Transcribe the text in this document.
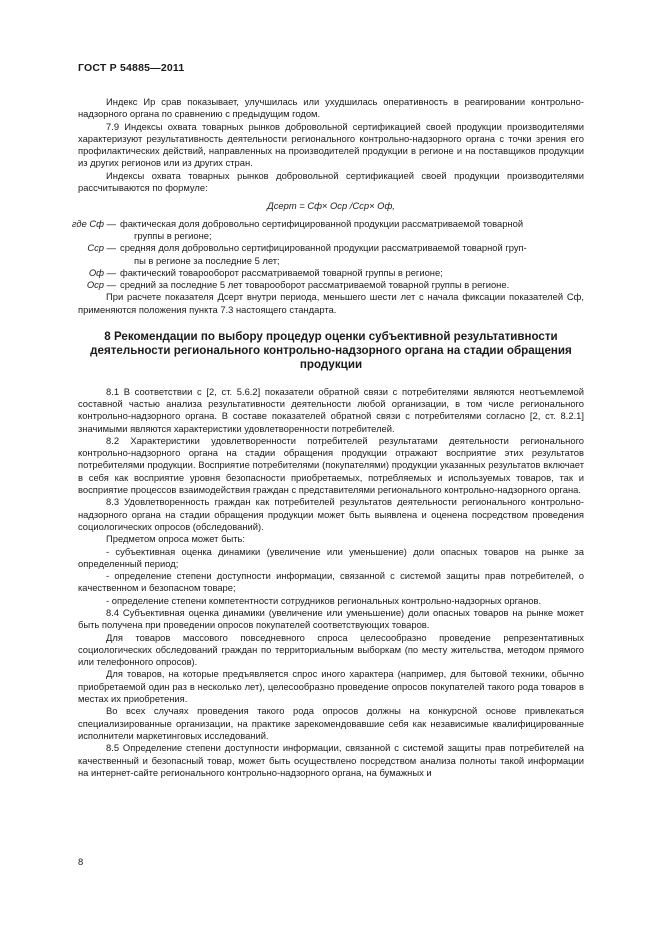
ГОСТ Р 54885—2011

Индекс Ир срав показывает, улучшилась или ухудшилась оперативность в реагировании контрольно-надзорного органа по сравнению с предыдущим годом.

7.9 Индексы охвата товарных рынков добровольной сертификацией своей продукции производителями характеризуют результативность деятельности регионального контрольно-надзорного органа с точки зрения его профилактических действий, направленных на производителей продукции в регионе и на поставщиков продукции из других регионов или из других стран.

Индексы охвата товарных рынков добровольной сертификацией своей продукции производителями рассчитываются по формуле:

Дсерт = Сф× Оср /Сср× Оф,
где Сф — фактическая доля добровольно сертифицированной продукции рассматриваемой товарной
группы в регионе;
Сср — средняя доля добровольно сертифицированной продукции рассматриваемой товарной груп-
пы в регионе за последние 5 лет;
Оф — фактический товарооборот рассматриваемой товарной группы в регионе;
Оср — средний за последние 5 лет товарооборот рассматриваемой товарной группы в регионе.

При расчете показателя Дсерт внутри периода, меньшего шести лет с начала фиксации показателей Сф, применяются положения пункта 7.3 настоящего стандарта.

8 Рекомендации по выбору процедур оценки субъективной результативности деятельности регионального контрольно-надзорного органа на стадии обращения продукции

8.1 В соответствии с [2, ст. 5.6.2] показатели обратной связи с потребителями являются неотъемлемой составной частью анализа результативности деятельности любой организации, в том числе регионального контрольно-надзорного органа. В составе показателей обратной связи с потребителями согласно [2, ст. 8.2.1] значимыми являются характеристики удовлетворенности потребителей.

8.2 Характеристики удовлетворенности потребителей результатами деятельности регионального контрольно-надзорного органа на стадии обращения продукции отражают восприятие этих результатов потребителями продукции. Восприятие потребителями (покупателями) продукции указанных результатов включает в себя как восприятие уровня безопасности приобретаемых, потребляемых и используемых товаров, так и восприятие процессов взаимодействия граждан с представителями регионального контрольно-надзорного органа.

8.3 Удовлетворенность граждан как потребителей результатов деятельности регионального контрольно-надзорного органа на стадии обращения продукции может быть выявлена и оценена посредством проведения социологических опросов (обследований).

Предметом опроса может быть:

- субъективная оценка динамики (увеличение или уменьшение) доли опасных товаров на рынке за определенный период;

- определение степени доступности информации, связанной с системой защиты прав потребителей, о качественном и безопасном товаре;

- определение степени компетентности сотрудников региональных контрольно-надзорных органов.

8.4 Субъективная оценка динамики (увеличение или уменьшение) доли опасных товаров на рынке может быть получена при проведении опросов покупателей соответствующих товаров.

Для товаров массового повседневного спроса целесообразно проведение репрезентативных социологических обследований граждан по территориальным выборкам (по месту жительства, методом прямого или телефонного опросов).

Для товаров, на которые предъявляется спрос иного характера (например, для бытовой техники, обычно приобретаемой один раз в несколько лет), целесообразно проведение опросов покупателей такого рода товаров в местах их приобретения.

Во всех случаях проведения такого рода опросов должны на конкурсной основе привлекаться специализированные организации, на практике зарекомендовавшие себя как независимые квалифицированные исполнители маркетинговых исследований.

8.5 Определение степени доступности информации, связанной с системой защиты прав потребителей на качественный и безопасный товар, может быть осуществлено посредством анализа полноты такой информации на интернет-сайте регионального контрольно-надзорного органа, на бумажных и

8
